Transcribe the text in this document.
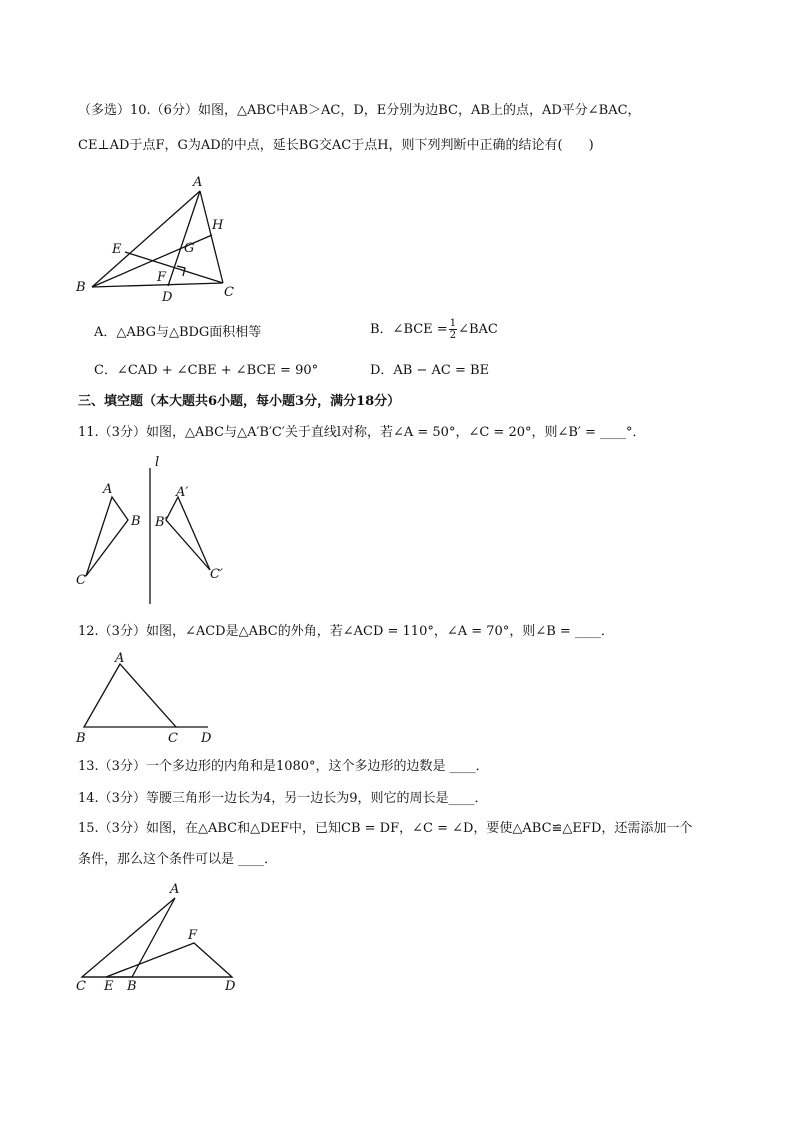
（多选）10.（6分）如图，△ABC中AB＞AC，D，E分别为边BC，AB上的点，AD平分∠BAC，
CE⊥AD于点F，G为AD的中点，延长BG交AC于点H，则下列判断中正确的结论有(　　)
A
B	C
D
E
F
G
H
A．△ABG与△BDG面积相等	B．∠BCE = $\frac{1}{2}$ ∠BAC
C．∠CAD + ∠CBE + ∠BCE = 90°	D．AB − AC = BE
三、填空题（本大题共6小题，每小题3分，满分18分）
11.（3分）如图，△ABC与△A′B′C′关于直线l对称，若∠A = 50°，∠C = 20°，则∠B′ = ____°．
l
A
B
C
A′
B′
C′
12.（3分）如图，∠ACD是△ABC的外角，若∠ACD = 110°，∠A = 70°，则∠B = ____．
A
B	C D
13.（3分）一个多边形的内角和是1080°，这个多边形的边数是 ____．
14.（3分）等腰三角形一边长为4，另一边长为9，则它的周长是____．
15.（3分）如图，在△ABC和△DEF中，已知CB = DF，∠C = ∠D，要使△ABC≌△EFD，还需添加一个
条件，那么这个条件可以是 ____．
A
B
C	D
E
F
